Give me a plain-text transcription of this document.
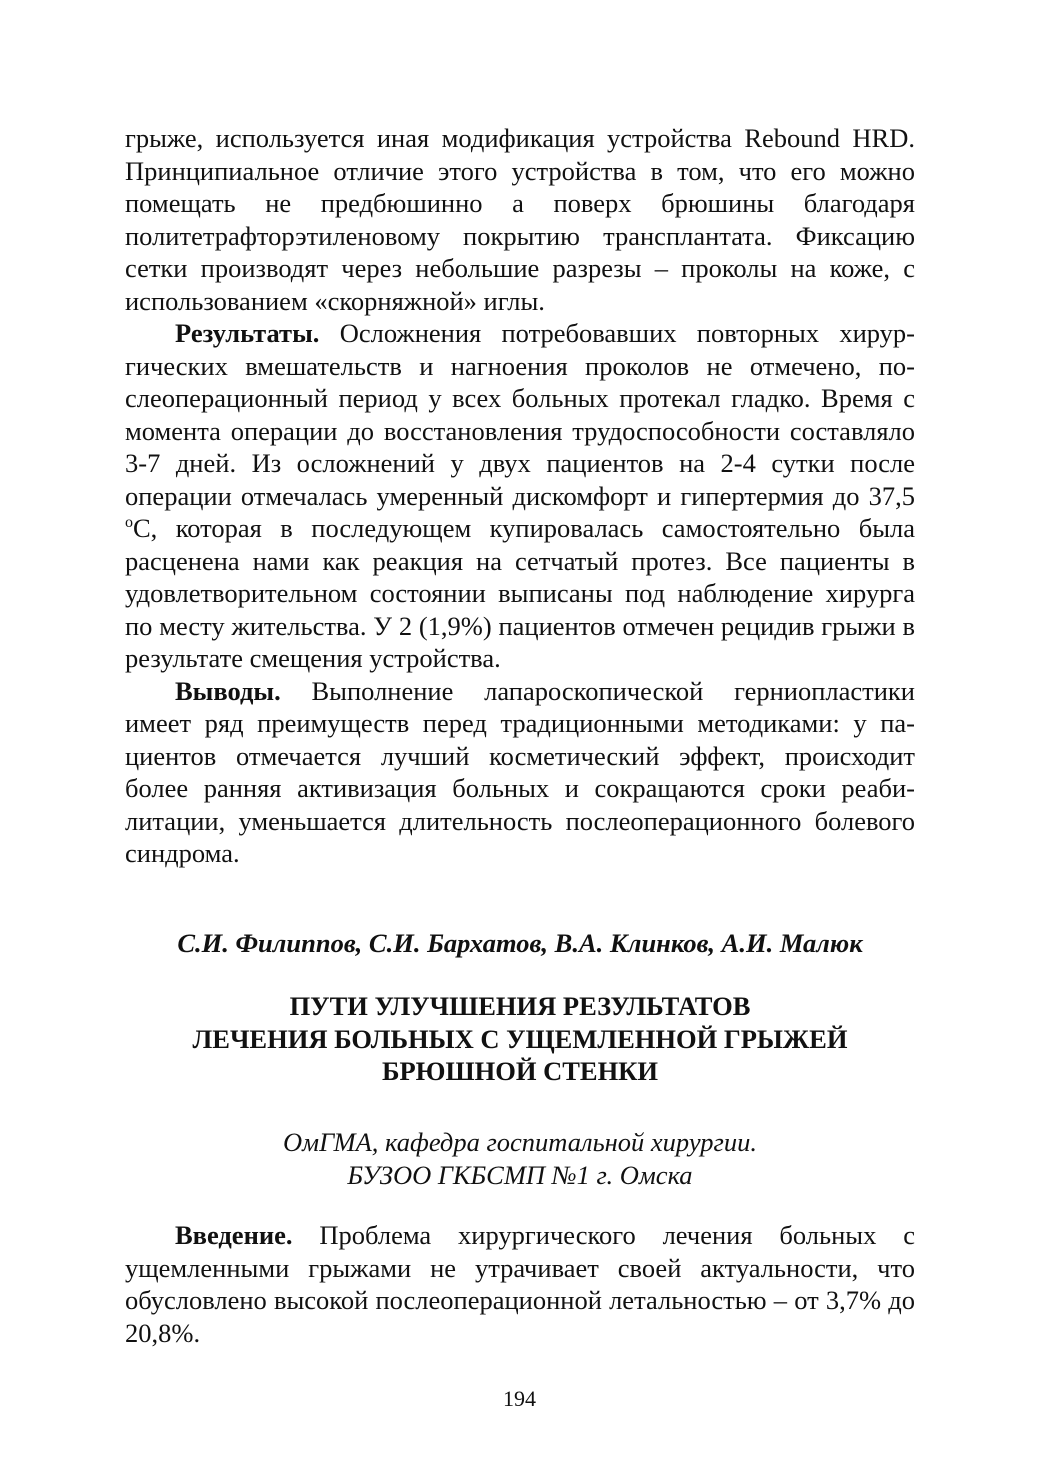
грыже, используется иная модификация устройства Rebound HRD. Принципиальное отличие этого устройства в том, что его можно помещать не предбюшинно а поверх брюшины благодаря политетрафторэтиленовому покрытию трансплантата. Фиксацию сетки производят через небольшие разрезы – проколы на коже, с использованием «скорняжной» иглы.

Результаты. Осложнения потребовавших повторных хирургических вмешательств и нагноения проколов не отмечено, послеоперационный период у всех больных протекал гладко. Время с момента операции до восстановления трудоспособности составляло 3-7 дней. Из осложнений у двух пациентов на 2-4 сутки после операции отмечалась умеренный дискомфорт и гипертермия до 37,5 $^o$С, которая в последующем купировалась самостоятельно была расценена нами как реакция на сетчатый протез. Все пациенты в удовлетворительном состоянии выписаны под наблюдение хирурга по месту жительства. У 2 (1,9%) пациентов отмечен рецидив грыжи в результате смещения устройства.

Выводы. Выполнение лапароскопической герниопластики имеет ряд преимуществ перед традиционными методиками: у пациентов отмечается лучший косметический эффект, происходит более ранняя активизация больных и сокращаются сроки реабилитации, уменьшается длительность послеоперационного болевого синдрома.

С.И. Филиппов, С.И. Бархатов, В.А. Клинков, А.И. Малюк

ПУТИ УЛУЧШЕНИЯ РЕЗУЛЬТАТОВ
ЛЕЧЕНИЯ БОЛЬНЫХ С УЩЕМЛЕННОЙ ГРЫЖЕЙ
БРЮШНОЙ СТЕНКИ
ОмГМА, кафедра госпитальной хирургии.
БУЗОО ГКБСМП №1 г. Омска

Введение. Проблема хирургического лечения больных с ущемленными грыжами не утрачивает своей актуальности, что обусловлено высокой послеоперационной летальностью – от 3,7% до 20,8%.

194
